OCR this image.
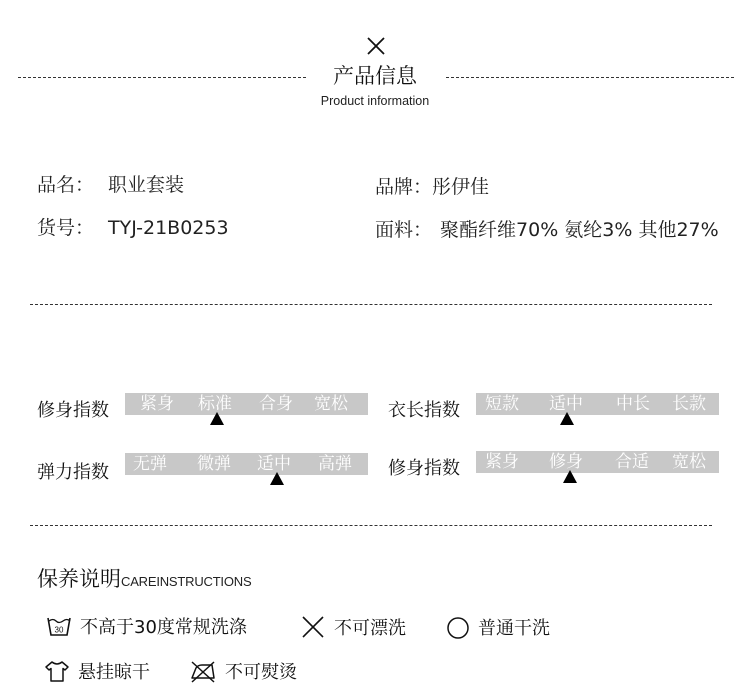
产品信息
Product information
品名： 职业套装	品牌：彤伊佳
货号： TYJ-21B0253	面料： 聚酯纤维70% 氨纶3% 其他27%
修身指数 紧身 标准 合身 宽松 衣长指数 短款 适中 中长 长款
弹力指数 无弹 微弹 适中 高弹 修身指数 紧身 修身 合适 宽松
保养说明CAREINSTRUCTIONS
30 不高于30度常规洗涤	不可漂洗	普通干洗
悬挂晾干	不可熨烫
